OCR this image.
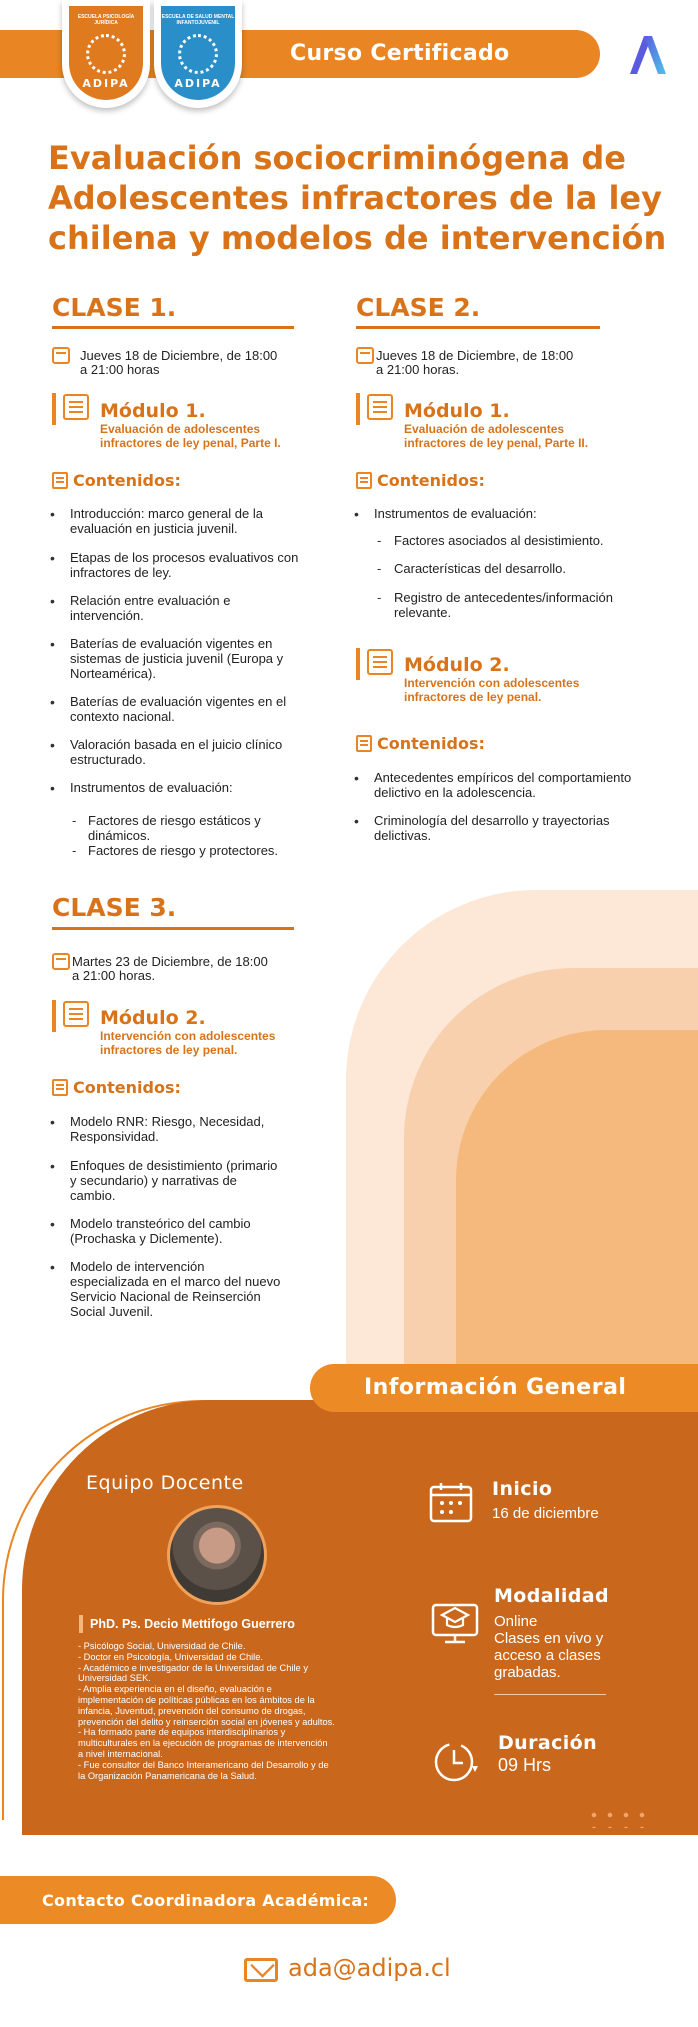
Curso Certificado
ESCUELA PSICOLOGÍA JURÍDICA
ADIPA
ESCUELA DE SALUD MENTAL INFANTOJUVENIL
ADIPA
Evaluación sociocriminógena de Adolescentes infractores de la ley chilena y modelos de intervención
CLASE 1.
Jueves 18 de Diciembre, de 18:00
a 21:00 horas
Módulo 1.
Evaluación de adolescentes
infractores de ley penal, Parte I.
Contenidos:
• Introducción: marco general de la
evaluación en justicia juvenil.
• Etapas de los procesos evaluativos con
infractores de ley.
• Relación entre evaluación e
intervención.
• Baterías de evaluación vigentes en
sistemas de justicia juvenil (Europa y
Norteamérica).
• Baterías de evaluación vigentes en el
contexto nacional.
• Valoración basada en el juicio clínico
estructurado.
• Instrumentos de evaluación:
- Factores de riesgo estáticos y
dinámicos.
- Factores de riesgo y protectores.
CLASE 2.
Jueves 18 de Diciembre, de 18:00
a 21:00 horas.
Módulo 1.
Evaluación de adolescentes
infractores de ley penal, Parte II.
Contenidos:
• Instrumentos de evaluación:
- Factores asociados al desistimiento.
- Características del desarrollo.
- Registro de antecedentes/información
relevante.
Módulo 2.
Intervención con adolescentes
infractores de ley penal.
Contenidos:
• Antecedentes empíricos del comportamiento
delictivo en la adolescencia.
• Criminología del desarrollo y trayectorias
delictivas.
CLASE 3.
Martes 23 de Diciembre, de 18:00
a 21:00 horas.
Módulo 2.
Intervención con adolescentes
infractores de ley penal.
Contenidos:
• Modelo RNR: Riesgo, Necesidad,
Responsividad.
• Enfoques de desistimiento (primario
y secundario) y narrativas de
cambio.
• Modelo transteórico del cambio
(Prochaska y Diclemente).
• Modelo de intervención
especializada en el marco del nuevo
Servicio Nacional de Reinserción
Social Juvenil.
Información General
Equipo Docente
PhD. Ps. Decio Mettifogo Guerrero
- Psicólogo Social, Universidad de Chile.
- Doctor en Psicología, Universidad de Chile.
- Académico e investigador de la Universidad de Chile y
Universidad SEK.
- Amplia experiencia en el diseño, evaluación e
implementación de políticas públicas en los ámbitos de la
infancia, Juventud, prevención del consumo de drogas,
prevención del delito y reinserción social en jóvenes y adultos.
- Ha formado parte de equipos interdisciplinarios y
multiculturales en la ejecución de programas de intervención
a nivel internacional.
- Fue consultor del Banco Interamericano del Desarrollo y de
la Organización Panamericana de la Salud.
Inicio
16 de diciembre
Modalidad
Online
Clases en vivo y
acceso a clases
grabadas.
Duración
09 Hrs
Contacto Coordinadora Académica:
ada@adipa.cl
